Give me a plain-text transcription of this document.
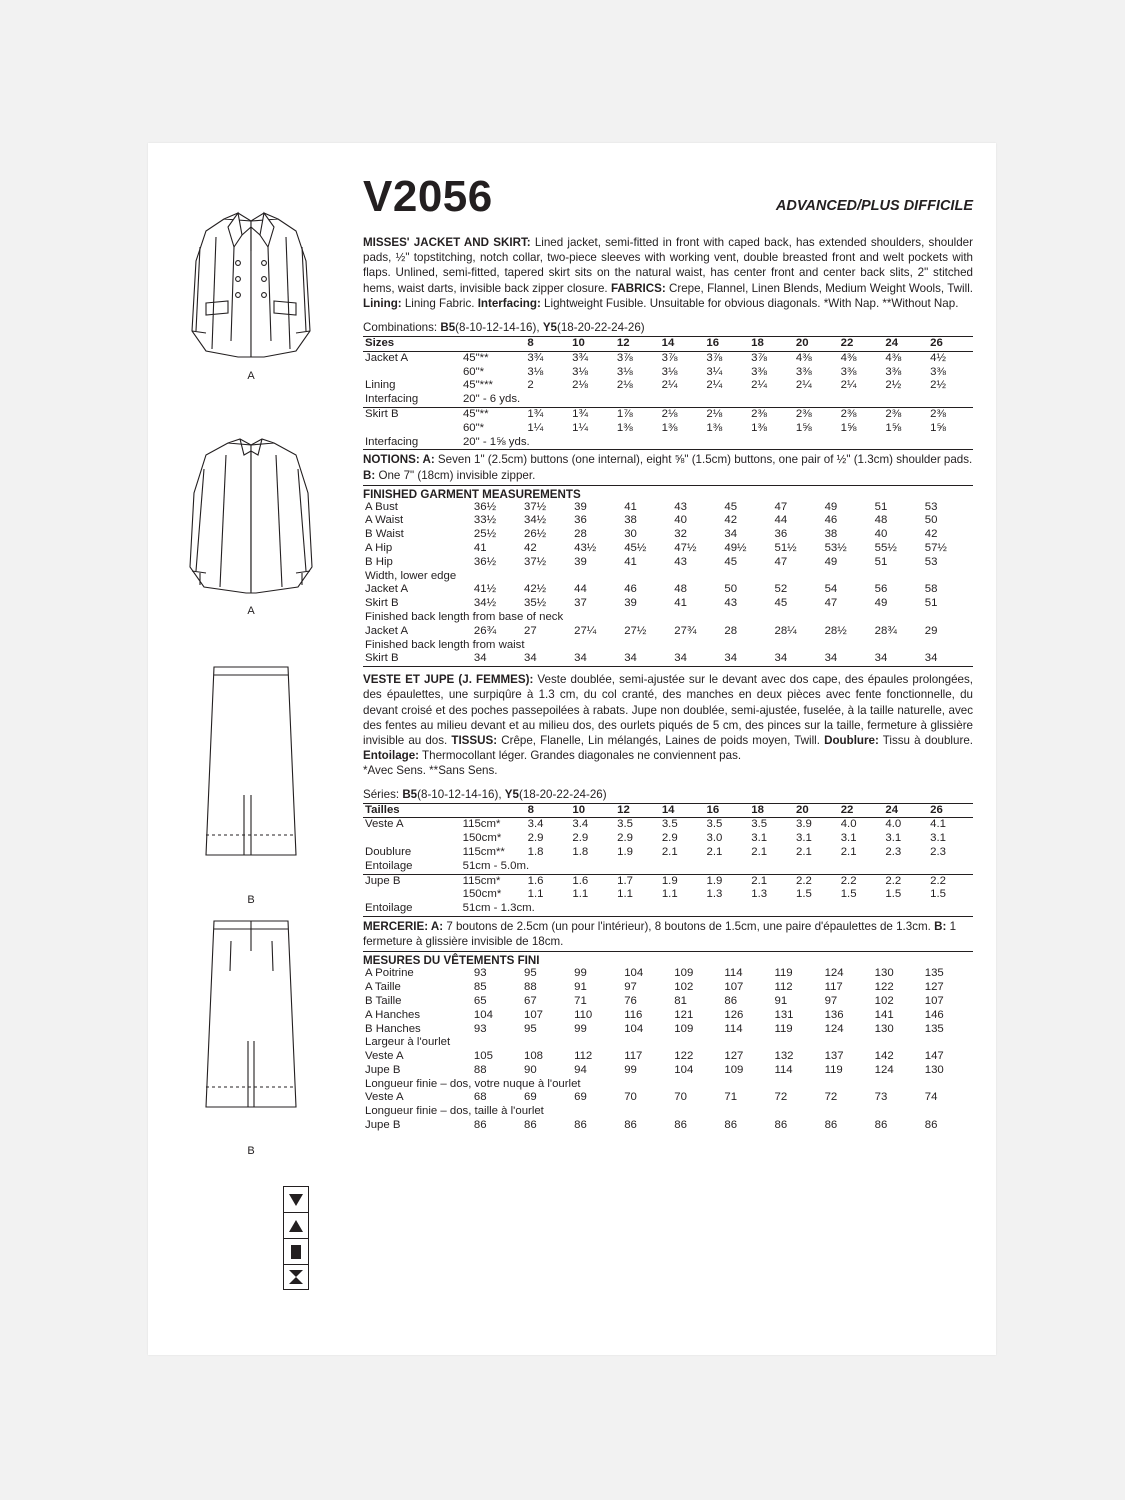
A
A
B
B
V2056	ADVANCED/PLUS DIFFICILE

MISSES' JACKET AND SKIRT: Lined jacket, semi-fitted in front with caped back, has extended shoulders, shoulder pads, ½" topstitching, notch collar, two-piece sleeves with working vent, double breasted front and welt pockets with flaps. Unlined, semi-fitted, tapered skirt sits on the natural waist, has center front and center back slits, 2" stitched hems, waist darts, invisible back zipper closure. FABRICS: Crepe, Flannel, Linen Blends, Medium Weight Wools, Twill. Lining: Lining Fabric. Interfacing: Lightweight Fusible. Unsuitable for obvious diagonals. *With Nap. **Without Nap.

Combinations: B5(8-10-12-14-16), Y5(18-20-22-24-26)

Sizes		8	10	12	14	16	18	20	22	24	26
Jacket A	45"**	3¾	3¾	3⅞	3⅞	3⅞	3⅞	4⅜	4⅜	4⅜	4½
	60"*	3⅛	3⅛	3⅛	3⅛	3¼	3⅜	3⅜	3⅜	3⅜	3⅜
Lining	45"***	2	2⅛	2⅛	2¼	2¼	2¼	2¼	2¼	2½	2½
Interfacing	20" - 6 yds.										
Skirt B	45"**	1¾	1¾	1⅞	2⅛	2⅛	2⅜	2⅜	2⅜	2⅜	2⅜
	60"*	1¼	1¼	1⅜	1⅜	1⅜	1⅜	1⅝	1⅝	1⅝	1⅝
Interfacing	20" - 1⅝ yds.										

NOTIONS: A: Seven 1" (2.5cm) buttons (one internal), eight ⅝" (1.5cm) buttons, one pair of ½" (1.3cm) shoulder pads. B: One 7" (18cm) invisible zipper.

FINISHED GARMENT MEASUREMENTS

A Bust	36½	37½	39	41	43	45	47	49	51	53
A Waist	33½	34½	36	38	40	42	44	46	48	50
B Waist	25½	26½	28	30	32	34	36	38	40	42
A Hip	41	42	43½	45½	47½	49½	51½	53½	55½	57½
B Hip	36½	37½	39	41	43	45	47	49	51	53
Width, lower edge										
Jacket A	41½	42½	44	46	48	50	52	54	56	58
Skirt B	34½	35½	37	39	41	43	45	47	49	51
Finished back length from base of neck										
Jacket A	26¾	27	27¼	27½	27¾	28	28¼	28½	28¾	29
Finished back length from waist										
Skirt B	34	34	34	34	34	34	34	34	34	34

VESTE ET JUPE (J. FEMMES): Veste doublée, semi-ajustée sur le devant avec dos cape, des épaules prolongées, des épaulettes, une surpiqûre à 1.3 cm, du col cranté, des manches en deux pièces avec fente fonctionnelle, du devant croisé et des poches passepoilées à rabats. Jupe non doublée, semi-ajustée, fuselée, à la taille naturelle, avec des fentes au milieu devant et au milieu dos, des ourlets piqués de 5 cm, des pinces sur la taille, fermeture à glissière invisible au dos. TISSUS: Crêpe, Flanelle, Lin mélangés, Laines de poids moyen, Twill. Doublure: Tissu à doublure. Entoilage: Thermocollant léger. Grandes diagonales ne conviennent pas.

*Avec Sens. **Sans Sens.

Séries: B5(8-10-12-14-16), Y5(18-20-22-24-26)

Tailles		8	10	12	14	16	18	20	22	24	26
Veste A	115cm*	3.4	3.4	3.5	3.5	3.5	3.5	3.9	4.0	4.0	4.1
	150cm*	2.9	2.9	2.9	2.9	3.0	3.1	3.1	3.1	3.1	3.1
Doublure	115cm**	1.8	1.8	1.9	2.1	2.1	2.1	2.1	2.1	2.3	2.3
Entoilage	51cm - 5.0m.										
Jupe B	115cm*	1.6	1.6	1.7	1.9	1.9	2.1	2.2	2.2	2.2	2.2
	150cm*	1.1	1.1	1.1	1.1	1.3	1.3	1.5	1.5	1.5	1.5
Entoilage	51cm - 1.3cm.										

MERCERIE: A: 7 boutons de 2.5cm (un pour l'intérieur), 8 boutons de 1.5cm, une paire d'épaulettes de 1.3cm. B: 1 fermeture à glissière invisible de 18cm.

MESURES DU VÊTEMENTS FINI

A Poitrine	93	95	99	104	109	114	119	124	130	135
A Taille	85	88	91	97	102	107	112	117	122	127
B Taille	65	67	71	76	81	86	91	97	102	107
A Hanches	104	107	110	116	121	126	131	136	141	146
B Hanches	93	95	99	104	109	114	119	124	130	135
Largeur à l'ourlet										
Veste A	105	108	112	117	122	127	132	137	142	147
Jupe B	88	90	94	99	104	109	114	119	124	130
Longueur finie – dos, votre nuque à l'ourlet										
Veste A	68	69	69	70	70	71	72	72	73	74
Longueur finie – dos, taille à l'ourlet										
Jupe B	86	86	86	86	86	86	86	86	86	86
